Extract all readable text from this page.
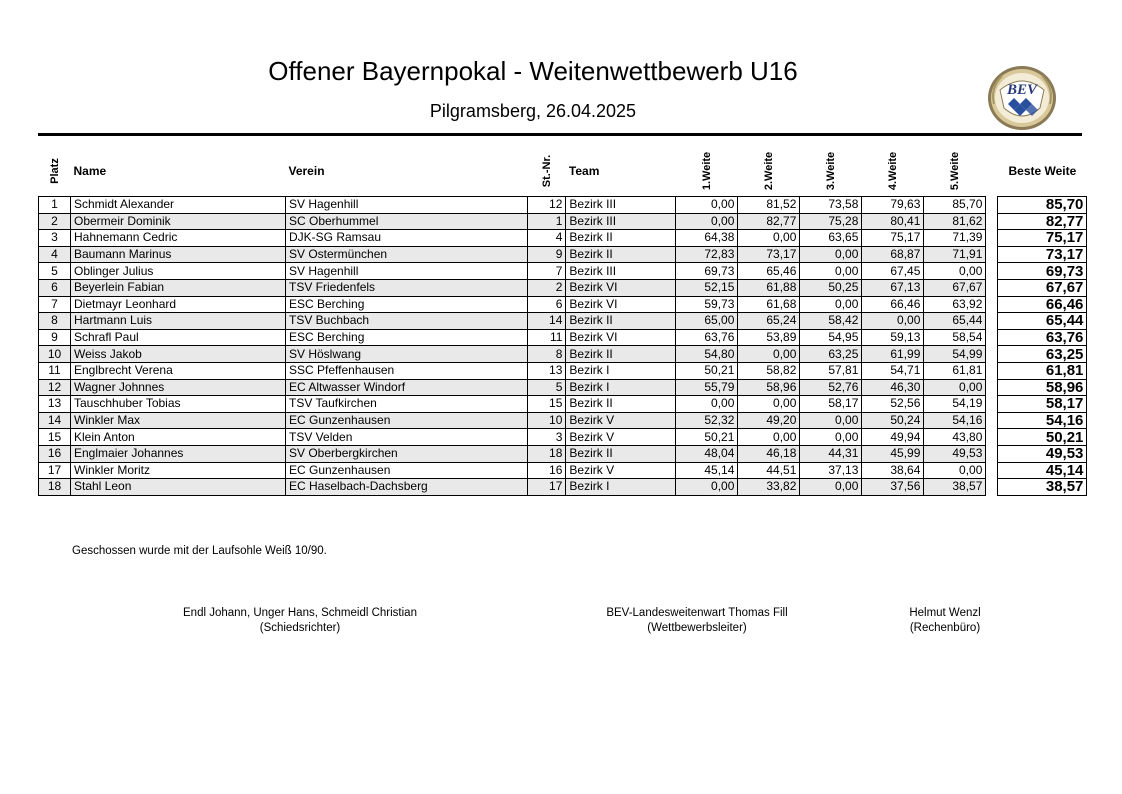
Offener Bayernpokal - Weitenwettbewerb U16
Pilgramsberg, 26.04.2025
BEV
Platz	Name	Verein	St.-Nr.	Team	1.Weite	2.Weite	3.Weite	4.Weite	5.Weite		Beste Weite
1	Schmidt Alexander	SV Hagenhill	12	Bezirk III	0,00	81,52	73,58	79,63	85,70		85,70
2	Obermeir Dominik	SC Oberhummel	1	Bezirk III	0,00	82,77	75,28	80,41	81,62		82,77
3	Hahnemann Cedric	DJK-SG Ramsau	4	Bezirk II	64,38	0,00	63,65	75,17	71,39		75,17
4	Baumann Marinus	SV Ostermünchen	9	Bezirk II	72,83	73,17	0,00	68,87	71,91		73,17
5	Oblinger Julius	SV Hagenhill	7	Bezirk III	69,73	65,46	0,00	67,45	0,00		69,73
6	Beyerlein Fabian	TSV Friedenfels	2	Bezirk VI	52,15	61,88	50,25	67,13	67,67		67,67
7	Dietmayr Leonhard	ESC Berching	6	Bezirk VI	59,73	61,68	0,00	66,46	63,92		66,46
8	Hartmann Luis	TSV Buchbach	14	Bezirk II	65,00	65,24	58,42	0,00	65,44		65,44
9	Schrafl Paul	ESC Berching	11	Bezirk VI	63,76	53,89	54,95	59,13	58,54		63,76
10	Weiss Jakob	SV Höslwang	8	Bezirk II	54,80	0,00	63,25	61,99	54,99		63,25
11	Englbrecht Verena	SSC Pfeffenhausen	13	Bezirk I	50,21	58,82	57,81	54,71	61,81		61,81
12	Wagner Johnnes	EC Altwasser Windorf	5	Bezirk I	55,79	58,96	52,76	46,30	0,00		58,96
13	Tauschhuber Tobias	TSV Taufkirchen	15	Bezirk II	0,00	0,00	58,17	52,56	54,19		58,17
14	Winkler Max	EC Gunzenhausen	10	Bezirk V	52,32	49,20	0,00	50,24	54,16		54,16
15	Klein Anton	TSV Velden	3	Bezirk V	50,21	0,00	0,00	49,94	43,80		50,21
16	Englmaier Johannes	SV Oberbergkirchen	18	Bezirk II	48,04	46,18	44,31	45,99	49,53		49,53
17	Winkler Moritz	EC Gunzenhausen	16	Bezirk V	45,14	44,51	37,13	38,64	0,00		45,14
18	Stahl Leon	EC Haselbach-Dachsberg	17	Bezirk I	0,00	33,82	0,00	37,56	38,57		38,57
Geschossen wurde mit der Laufsohle Weiß 10/90.
Endl Johann, Unger Hans, Schmeidl Christian
(Schiedsrichter)
BEV-Landesweitenwart Thomas Fill
(Wettbewerbsleiter)
Helmut Wenzl
(Rechenbüro)
